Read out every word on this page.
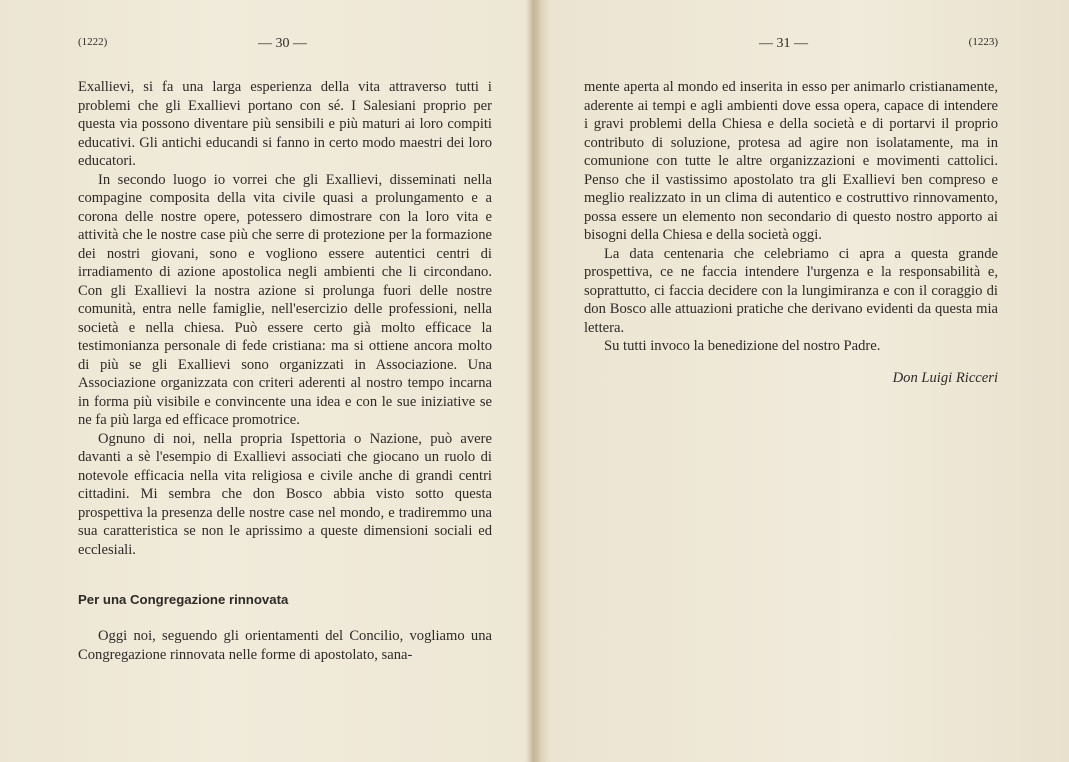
(1222)	— 30 —

Exallievi, si fa una larga esperienza della vita attraverso tutti i problemi che gli Exallievi portano con sé. I Salesiani proprio per questa via possono diventare più sensibili e più maturi ai loro compiti educativi. Gli antichi educandi si fanno in certo modo maestri dei loro educatori.

In secondo luogo io vorrei che gli Exallievi, disseminati nella compagine composita della vita civile quasi a prolungamento e a corona delle nostre opere, potessero dimostrare con la loro vita e attività che le nostre case più che serre di protezione per la formazione dei nostri giovani, sono e vogliono essere autentici centri di irradiamento di azione apostolica negli ambienti che li circondano. Con gli Exallievi la nostra azione si prolunga fuori delle nostre comunità, entra nelle famiglie, nell'esercizio delle professioni, nella società e nella chiesa. Può essere certo già molto efficace la testimonianza personale di fede cristiana: ma si ottiene ancora molto di più se gli Exallievi sono organizzati in Associazione. Una Associazione organizzata con criteri aderenti al nostro tempo incarna in forma più visibile e convincente una idea e con le sue iniziative se ne fa più larga ed efficace promotrice.

Ognuno di noi, nella propria Ispettoria o Nazione, può avere davanti a sè l'esempio di Exallievi associati che giocano un ruolo di notevole efficacia nella vita religiosa e civile anche di grandi centri cittadini. Mi sembra che don Bosco abbia visto sotto questa prospettiva la presenza delle nostre case nel mondo, e tradiremmo una sua caratteristica se non le aprissimo a queste dimensioni sociali ed ecclesiali.

Per una Congregazione rinnovata

Oggi noi, seguendo gli orientamenti del Concilio, vogliamo una Congregazione rinnovata nelle forme di apostolato, sana-

— 31 —	(1223)

mente aperta al mondo ed inserita in esso per animarlo cristianamente, aderente ai tempi e agli ambienti dove essa opera, capace di intendere i gravi problemi della Chiesa e della società e di portarvi il proprio contributo di soluzione, protesa ad agire non isolatamente, ma in comunione con tutte le altre organizzazioni e movimenti cattolici. Penso che il vastissimo apostolato tra gli Exallievi ben compreso e meglio realizzato in un clima di autentico e costruttivo rinnovamento, possa essere un elemento non secondario di questo nostro apporto ai bisogni della Chiesa e della società oggi.

La data centenaria che celebriamo ci apra a questa grande prospettiva, ce ne faccia intendere l'urgenza e la responsabilità e, soprattutto, ci faccia decidere con la lungimiranza e con il coraggio di don Bosco alle attuazioni pratiche che derivano evidenti da questa mia lettera.

Su tutti invoco la benedizione del nostro Padre.

Don Luigi Ricceri
